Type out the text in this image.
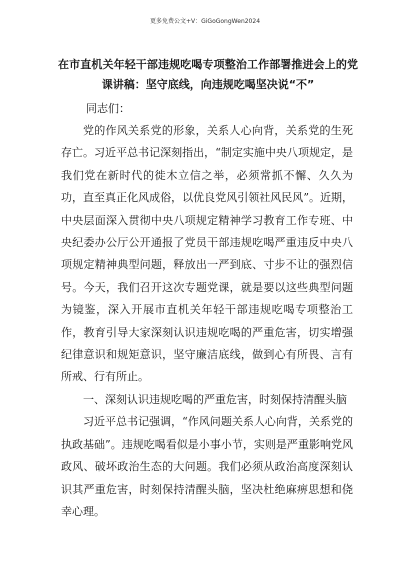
更多免费公文+V：GiGoGongWen2024
在市直机关年轻干部违规吃喝专项整治工作部署推进会上的党课讲稿：坚守底线，向违规吃喝坚决说“不”
同志们：

党的作风关系党的形象，关系人心向背，关系党的生死存亡。习近平总书记深刻指出，“制定实施中央八项规定，是我们党在新时代的徙木立信之举，必须常抓不懈、久久为功，直至真正化风成俗，以优良党风引领社风民风”。近期，中央层面深入贯彻中央八项规定精神学习教育工作专班、中央纪委办公厅公开通报了党员干部违规吃喝严重违反中央八项规定精神典型问题，释放出一严到底、寸步不让的强烈信号。今天，我们召开这次专题党课，就是要以这些典型问题为镜鉴，深入开展市直机关年轻干部违规吃喝专项整治工作，教育引导大家深刻认识违规吃喝的严重危害，切实增强纪律意识和规矩意识，坚守廉洁底线，做到心有所畏、言有所戒、行有所止。

一、深刻认识违规吃喝的严重危害，时刻保持清醒头脑

习近平总书记强调，“作风问题关系人心向背，关系党的执政基础”。违规吃喝看似是小事小节，实则是严重影响党风政风、破坏政治生态的大问题。我们必须从政治高度深刻认识其严重危害，时刻保持清醒头脑，坚决杜绝麻痹思想和侥幸心理。
